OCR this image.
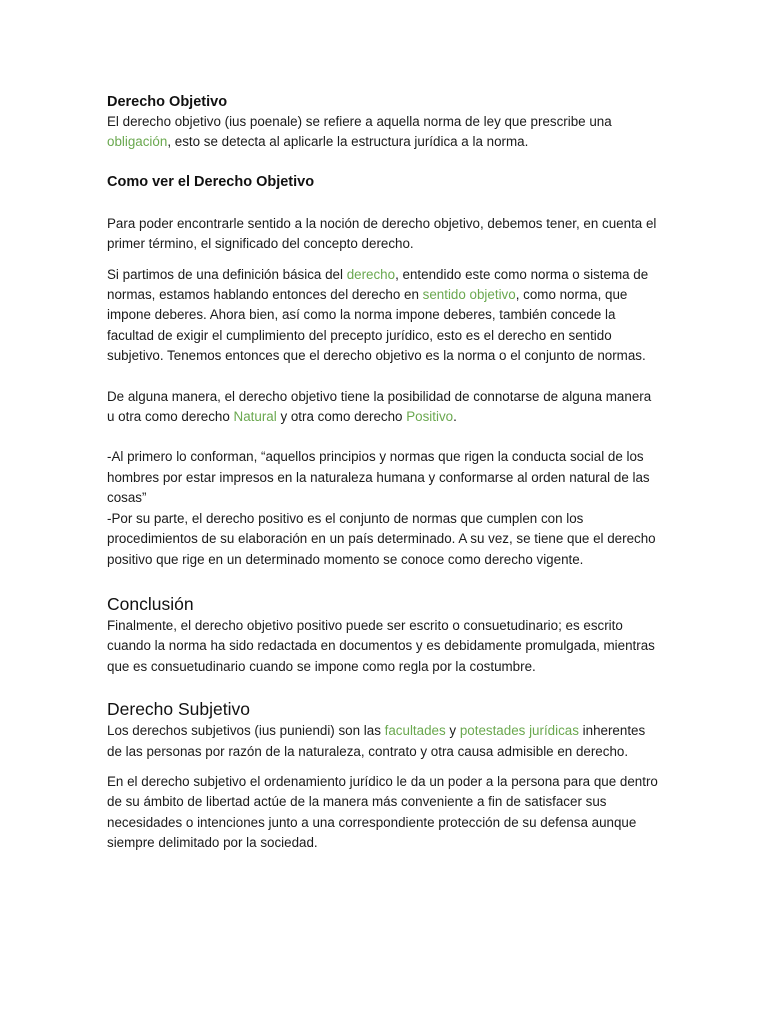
Derecho Objetivo

El derecho objetivo (ius poenale) se refiere a aquella norma de ley que prescribe una obligación, esto se detecta al aplicarle la estructura jurídica a la norma.

Como ver el Derecho Objetivo

Para poder encontrarle sentido a la noción de derecho objetivo, debemos tener, en cuenta el primer término, el significado del concepto derecho.

Si partimos de una definición básica del derecho, entendido este como norma o sistema de normas, estamos hablando entonces del derecho en sentido objetivo, como norma, que impone deberes. Ahora bien, así como la norma impone deberes, también concede la facultad de exigir el cumplimiento del precepto jurídico, esto es el derecho en sentido subjetivo. Tenemos entonces que el derecho objetivo es la norma o el conjunto de normas.

De alguna manera, el derecho objetivo tiene la posibilidad de connotarse de alguna manera u otra como derecho Natural y otra como derecho Positivo.

-Al primero lo conforman, “aquellos principios y normas que rigen la conducta social de los hombres por estar impresos en la naturaleza humana y conformarse al orden natural de las cosas”

-Por su parte, el derecho positivo es el conjunto de normas que cumplen con los procedimientos de su elaboración en un país determinado. A su vez, se tiene que el derecho positivo que rige en un determinado momento se conoce como derecho vigente.

Conclusión

Finalmente, el derecho objetivo positivo puede ser escrito o consuetudinario; es escrito cuando la norma ha sido redactada en documentos y es debidamente promulgada, mientras que es consuetudinario cuando se impone como regla por la costumbre.

Derecho Subjetivo

Los derechos subjetivos (ius puniendi) son las facultades y potestades jurídicas inherentes de las personas por razón de la naturaleza, contrato y otra causa admisible en derecho.

En el derecho subjetivo el ordenamiento jurídico le da un poder a la persona para que dentro de su ámbito de libertad actúe de la manera más conveniente a fin de satisfacer sus necesidades o intenciones junto a una correspondiente protección de su defensa aunque siempre delimitado por la sociedad.
